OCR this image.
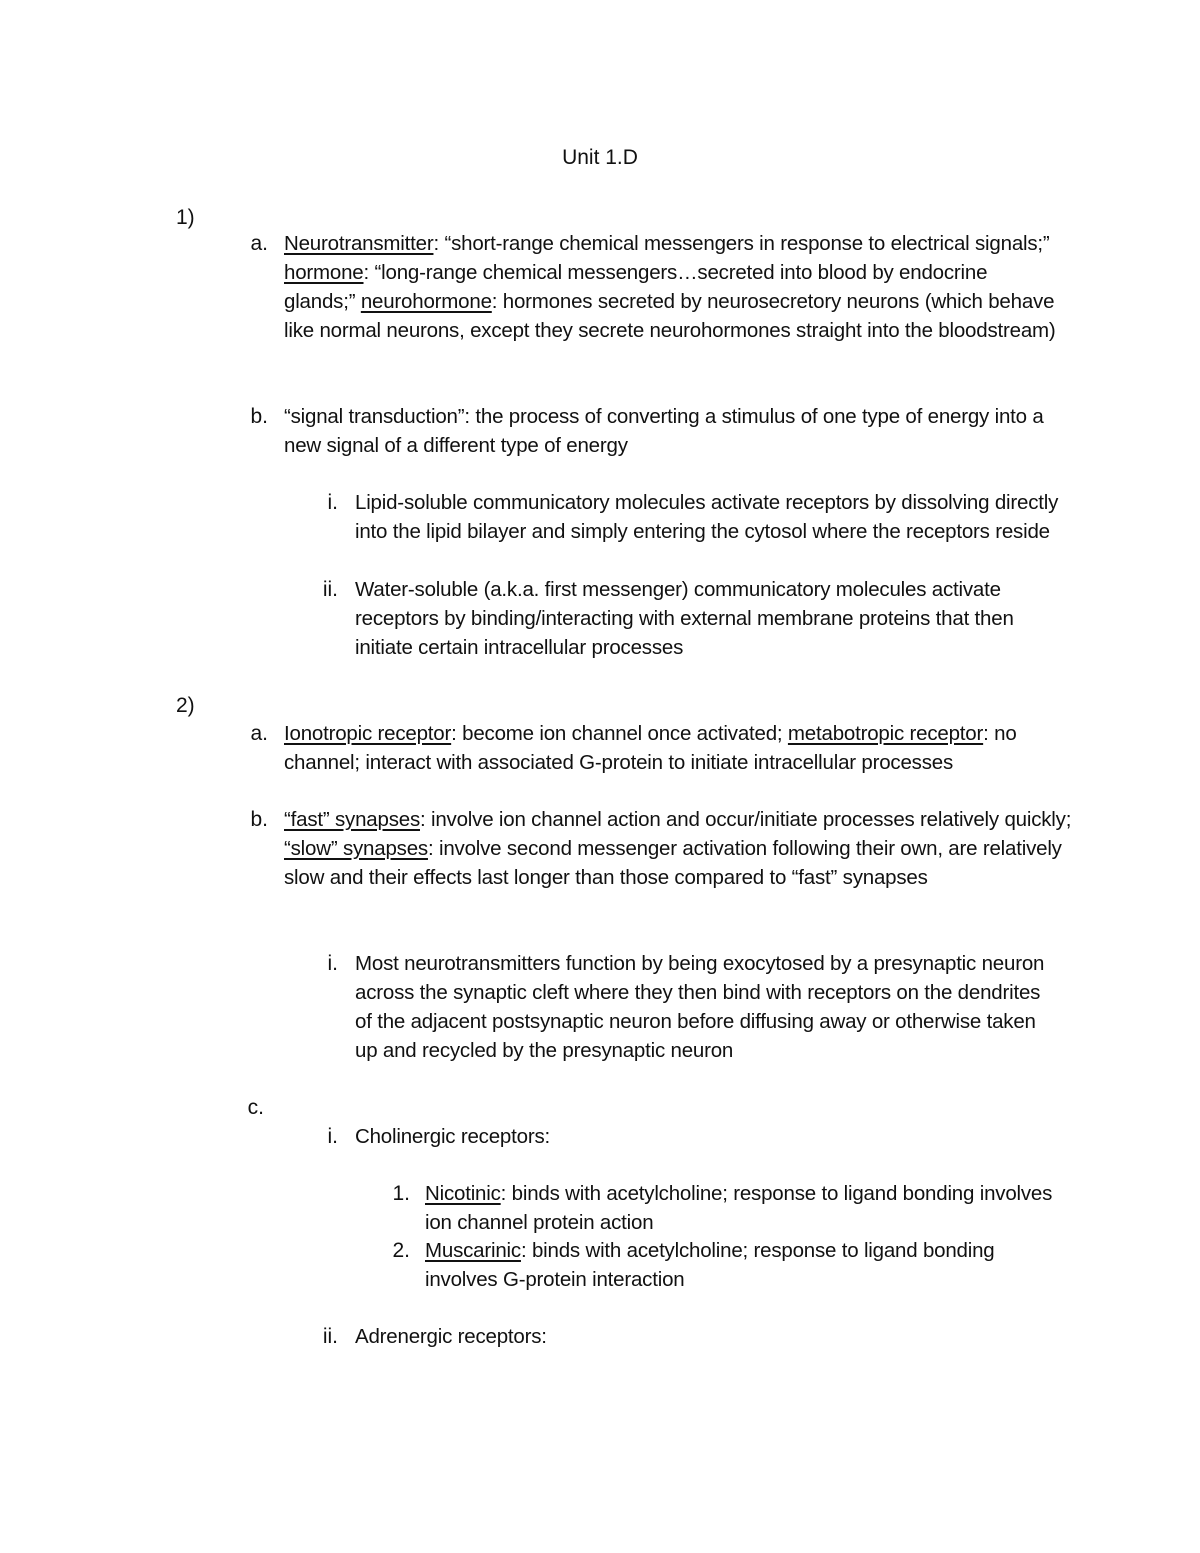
Unit 1.D
1)
a. Neurotransmitter: “short-range chemical messengers in response to electrical signals;” hormone: “long-range chemical messengers…secreted into blood by endocrine glands;” neurohormone: hormones secreted by neurosecretory neurons (which behave like normal neurons, except they secrete neurohormones straight into the bloodstream)
b. “signal transduction”: the process of converting a stimulus of one type of energy into a new signal of a different type of energy
i. Lipid-soluble communicatory molecules activate receptors by dissolving directly into the lipid bilayer and simply entering the cytosol where the receptors reside
ii. Water-soluble (a.k.a. first messenger) communicatory molecules activate receptors by binding/interacting with external membrane proteins that then initiate certain intracellular processes
2)
a. Ionotropic receptor: become ion channel once activated; metabotropic receptor: no channel; interact with associated G-protein to initiate intracellular processes
b. “fast” synapses: involve ion channel action and occur/initiate processes relatively quickly; “slow” synapses: involve second messenger activation following their own, are relatively slow and their effects last longer than those compared to “fast” synapses
i. Most neurotransmitters function by being exocytosed by a presynaptic neuron across the synaptic cleft where they then bind with receptors on the dendrites of the adjacent postsynaptic neuron before diffusing away or otherwise taken up and recycled by the presynaptic neuron
c.
i. Cholinergic receptors:
1. Nicotinic: binds with acetylcholine; response to ligand bonding involves ion channel protein action
2. Muscarinic: binds with acetylcholine; response to ligand bonding involves G-protein interaction
ii. Adrenergic receptors:
